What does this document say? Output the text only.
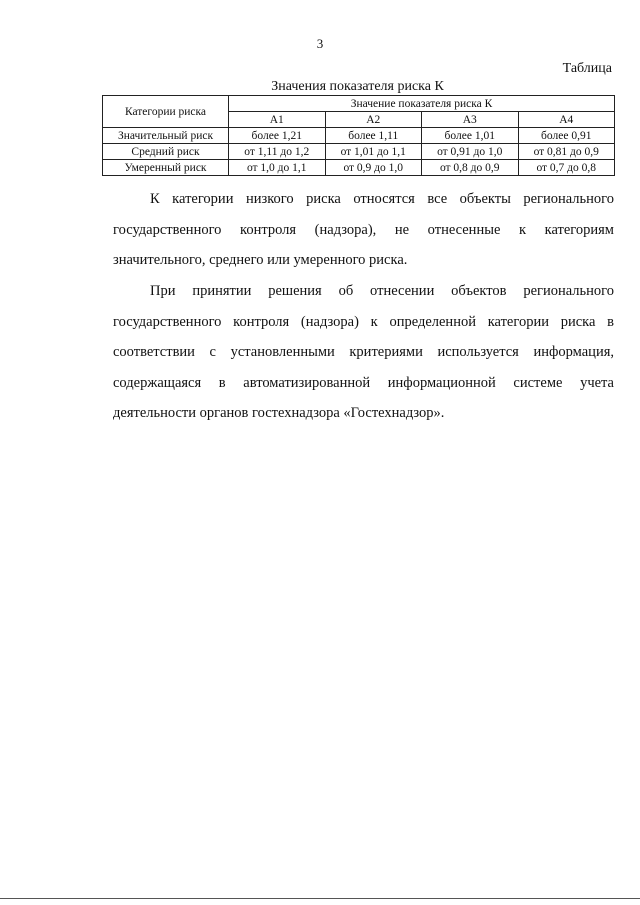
3
Таблица
Значения показателя риска К
Категории риска	Значение показателя риска К			
	А1	А2	А3	А4
Значительный риск	более 1,21	более 1,11	более 1,01	более 0,91
Средний риск	от 1,11 до 1,2	от 1,01 до 1,1	от 0,91 до 1,0	от 0,81 до 0,9
Умеренный риск	от 1,0 до 1,1	от 0,9 до 1,0	от 0,8 до 0,9	от 0,7 до 0,8

К категории низкого риска относятся все объекты регионального государственного контроля (надзора), не отнесенные к категориям значительного, среднего или умеренного риска.

При принятии решения об отнесении объектов регионального государственного контроля (надзора) к определенной категории риска в соответствии с установленными критериями используется информация, содержащаяся в автоматизированной информационной системе учета деятельности органов гостехнадзора «Гостехнадзор».
